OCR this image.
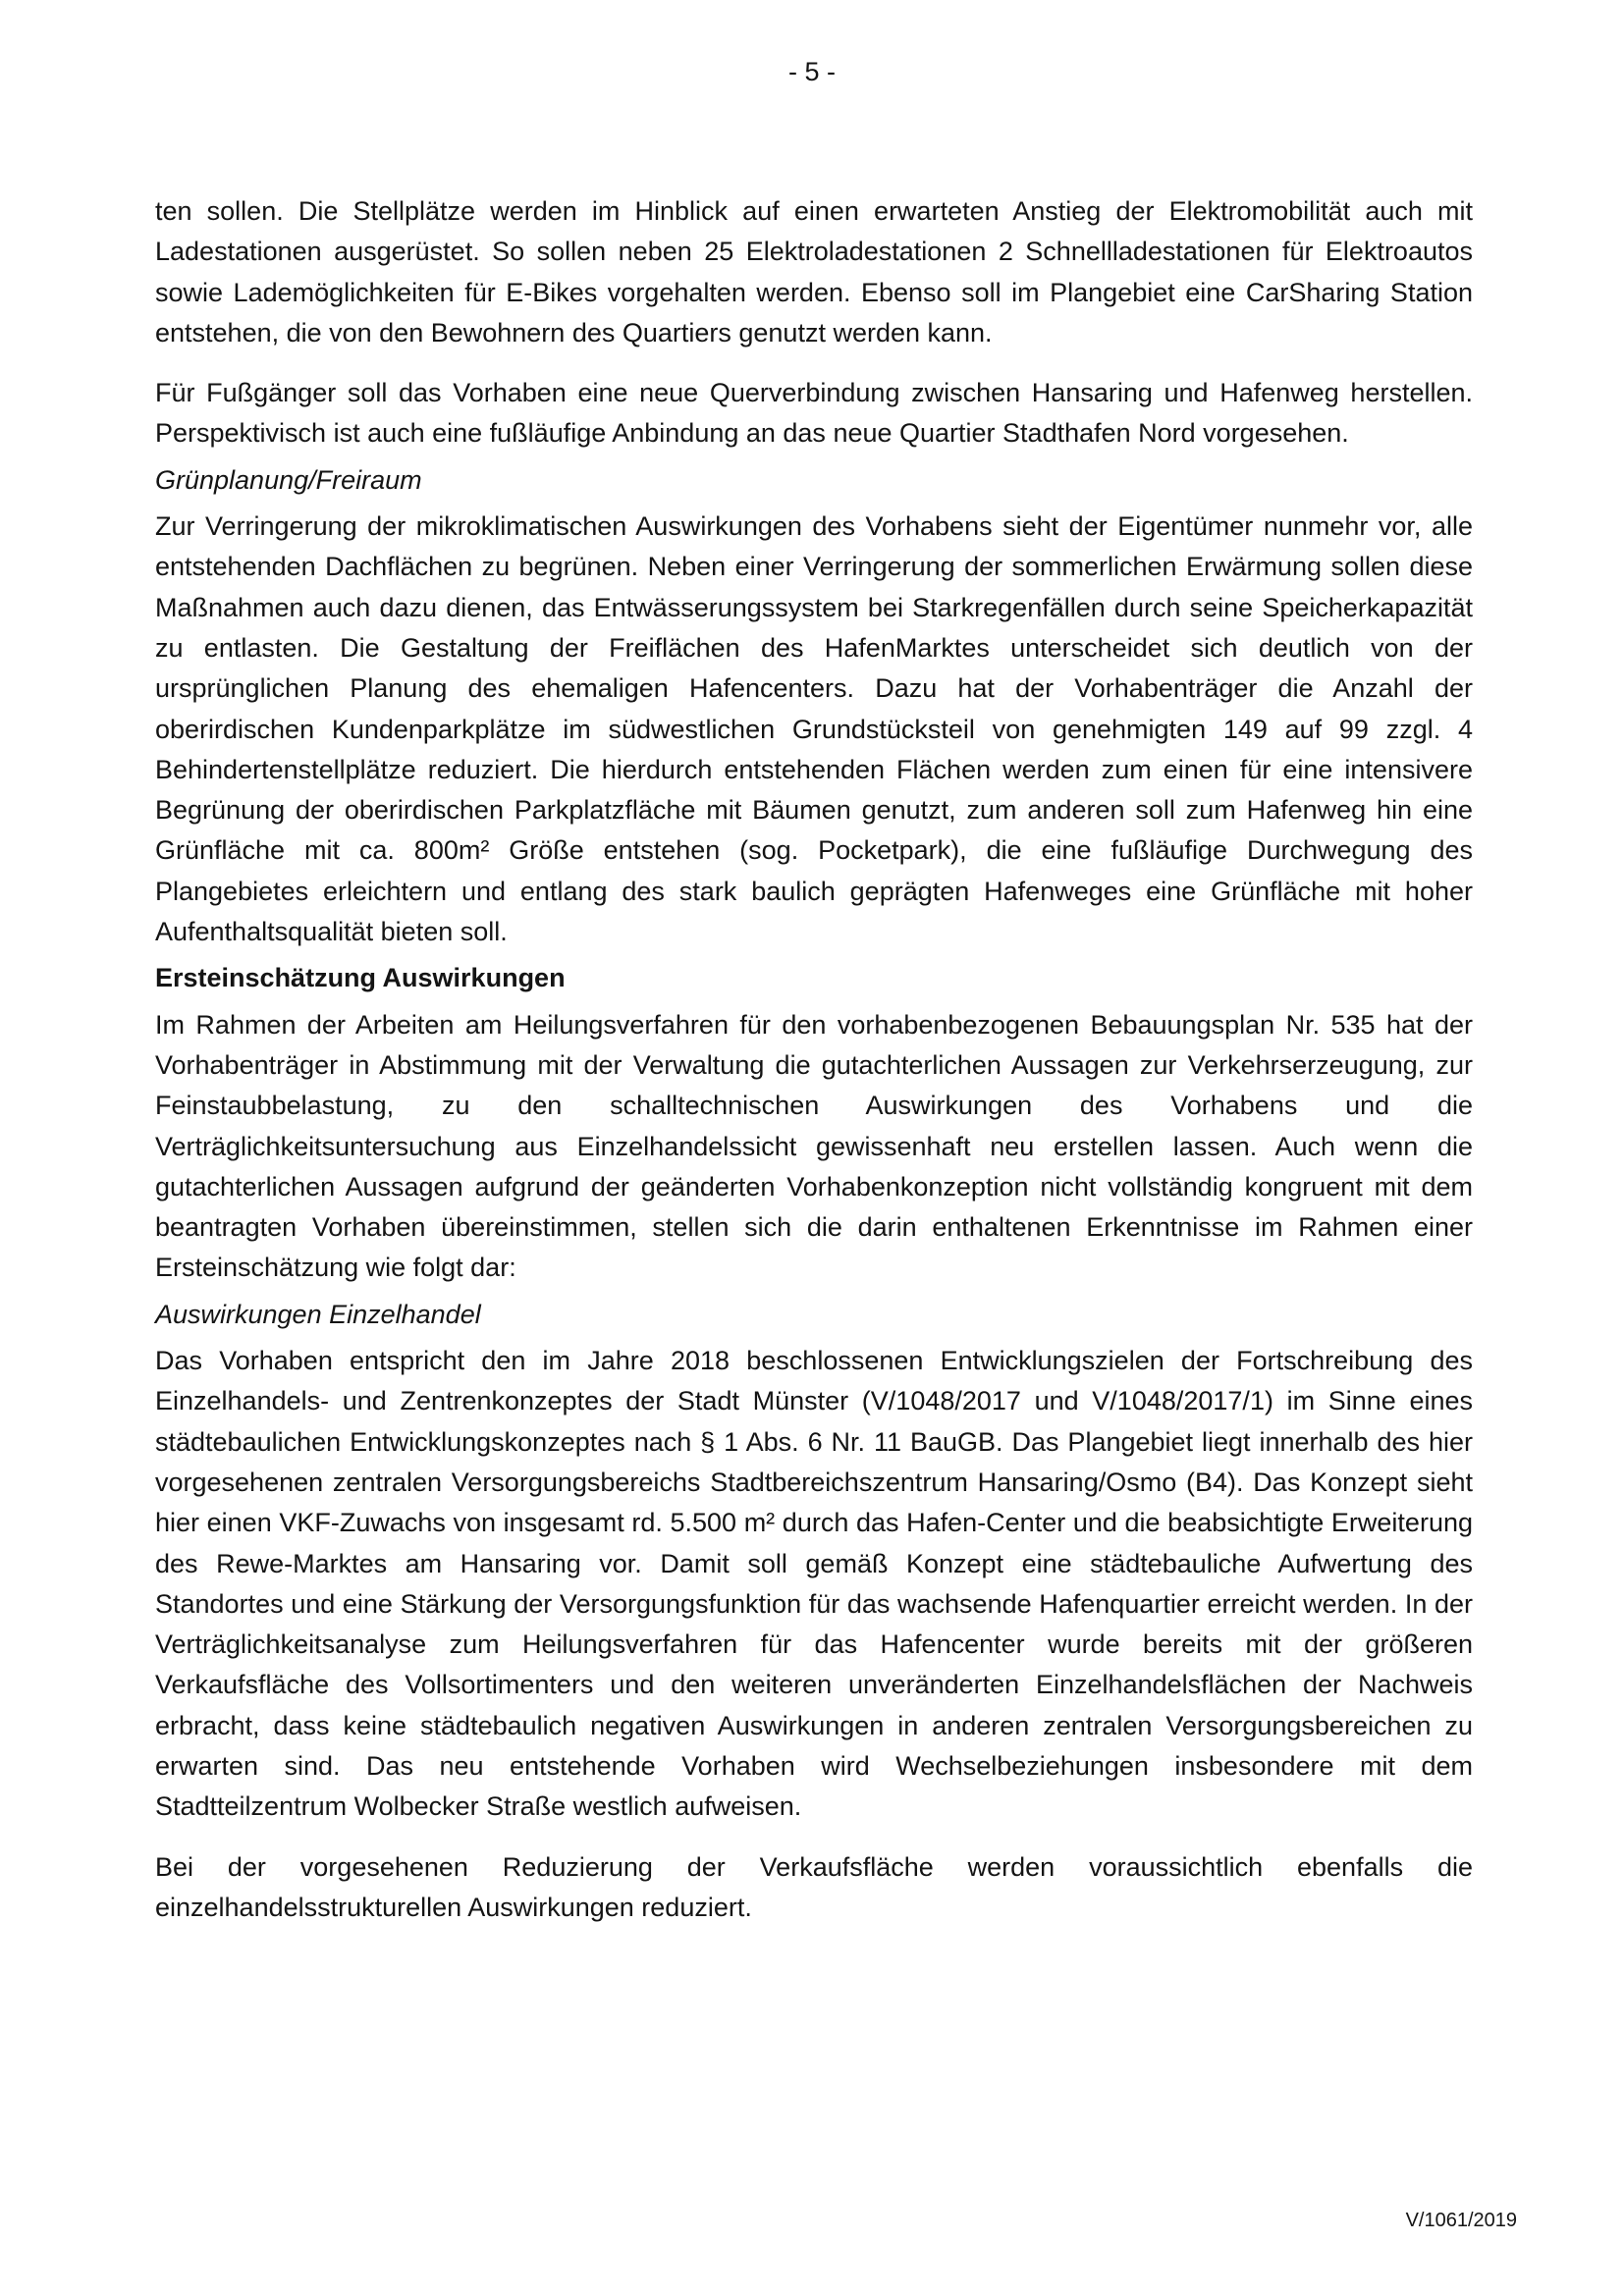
- 5 -

ten sollen. Die Stellplätze werden im Hinblick auf einen erwarteten Anstieg der Elektromobilität auch mit Ladestationen ausgerüstet. So sollen neben 25 Elektroladestationen 2 Schnellladestationen für Elektroautos sowie Lademöglichkeiten für E-Bikes vorgehalten werden. Ebenso soll im Plangebiet eine CarSharing Station entstehen, die von den Bewohnern des Quartiers genutzt werden kann.

Für Fußgänger soll das Vorhaben eine neue Querverbindung zwischen Hansaring und Hafenweg herstellen. Perspektivisch ist auch eine fußläufige Anbindung an das neue Quartier Stadthafen Nord vorgesehen.

Grünplanung/Freiraum

Zur Verringerung der mikroklimatischen Auswirkungen des Vorhabens sieht der Eigentümer nunmehr vor, alle entstehenden Dachflächen zu begrünen. Neben einer Verringerung der sommerlichen Erwärmung sollen diese Maßnahmen auch dazu dienen, das Entwässerungssystem bei Starkregenfällen durch seine Speicherkapazität zu entlasten. Die Gestaltung der Freiflächen des HafenMarktes unterscheidet sich deutlich von der ursprünglichen Planung des ehemaligen Hafencenters. Dazu hat der Vorhabenträger die Anzahl der oberirdischen Kundenparkplätze im südwestlichen Grundstücksteil von genehmigten 149 auf 99 zzgl. 4 Behindertenstellplätze reduziert. Die hierdurch entstehenden Flächen werden zum einen für eine intensivere Begrünung der oberirdischen Parkplatzfläche mit Bäumen genutzt, zum anderen soll zum Hafenweg hin eine Grünfläche mit ca. 800m² Größe entstehen (sog. Pocketpark), die eine fußläufige Durchwegung des Plangebietes erleichtern und entlang des stark baulich geprägten Hafenweges eine Grünfläche mit hoher Aufenthaltsqualität bieten soll.

Ersteinschätzung Auswirkungen

Im Rahmen der Arbeiten am Heilungsverfahren für den vorhabenbezogenen Bebauungsplan Nr. 535 hat der Vorhabenträger in Abstimmung mit der Verwaltung die gutachterlichen Aussagen zur Verkehrserzeugung, zur Feinstaubbelastung, zu den schalltechnischen Auswirkungen des Vorhabens und die Verträglichkeitsuntersuchung aus Einzelhandelssicht gewissenhaft neu erstellen lassen. Auch wenn die gutachterlichen Aussagen aufgrund der geänderten Vorhabenkonzeption nicht vollständig kongruent mit dem beantragten Vorhaben übereinstimmen, stellen sich die darin enthaltenen Erkenntnisse im Rahmen einer Ersteinschätzung wie folgt dar:

Auswirkungen Einzelhandel

Das Vorhaben entspricht den im Jahre 2018 beschlossenen Entwicklungszielen der Fortschreibung des Einzelhandels- und Zentrenkonzeptes der Stadt Münster (V/1048/2017 und V/1048/2017/1) im Sinne eines städtebaulichen Entwicklungskonzeptes nach § 1 Abs. 6 Nr. 11 BauGB. Das Plangebiet liegt innerhalb des hier vorgesehenen zentralen Versorgungsbereichs Stadtbereichszentrum Hansaring/Osmo (B4). Das Konzept sieht hier einen VKF-Zuwachs von insgesamt rd. 5.500 m² durch das Hafen-Center und die beabsichtigte Erweiterung des Rewe-Marktes am Hansaring vor. Damit soll gemäß Konzept eine städtebauliche Aufwertung des Standortes und eine Stärkung der Versorgungsfunktion für das wachsende Hafenquartier erreicht werden. In der Verträglichkeitsanalyse zum Heilungsverfahren für das Hafencenter wurde bereits mit der größeren Verkaufsfläche des Vollsortimenters und den weiteren unveränderten Einzelhandelsflächen der Nachweis erbracht, dass keine städtebaulich negativen Auswirkungen in anderen zentralen Versorgungsbereichen zu erwarten sind. Das neu entstehende Vorhaben wird Wechselbeziehungen insbesondere mit dem Stadtteilzentrum Wolbecker Straße westlich aufweisen.

Bei der vorgesehenen Reduzierung der Verkaufsfläche werden voraussichtlich ebenfalls die einzelhandelsstrukturellen Auswirkungen reduziert.

V/1061/2019
